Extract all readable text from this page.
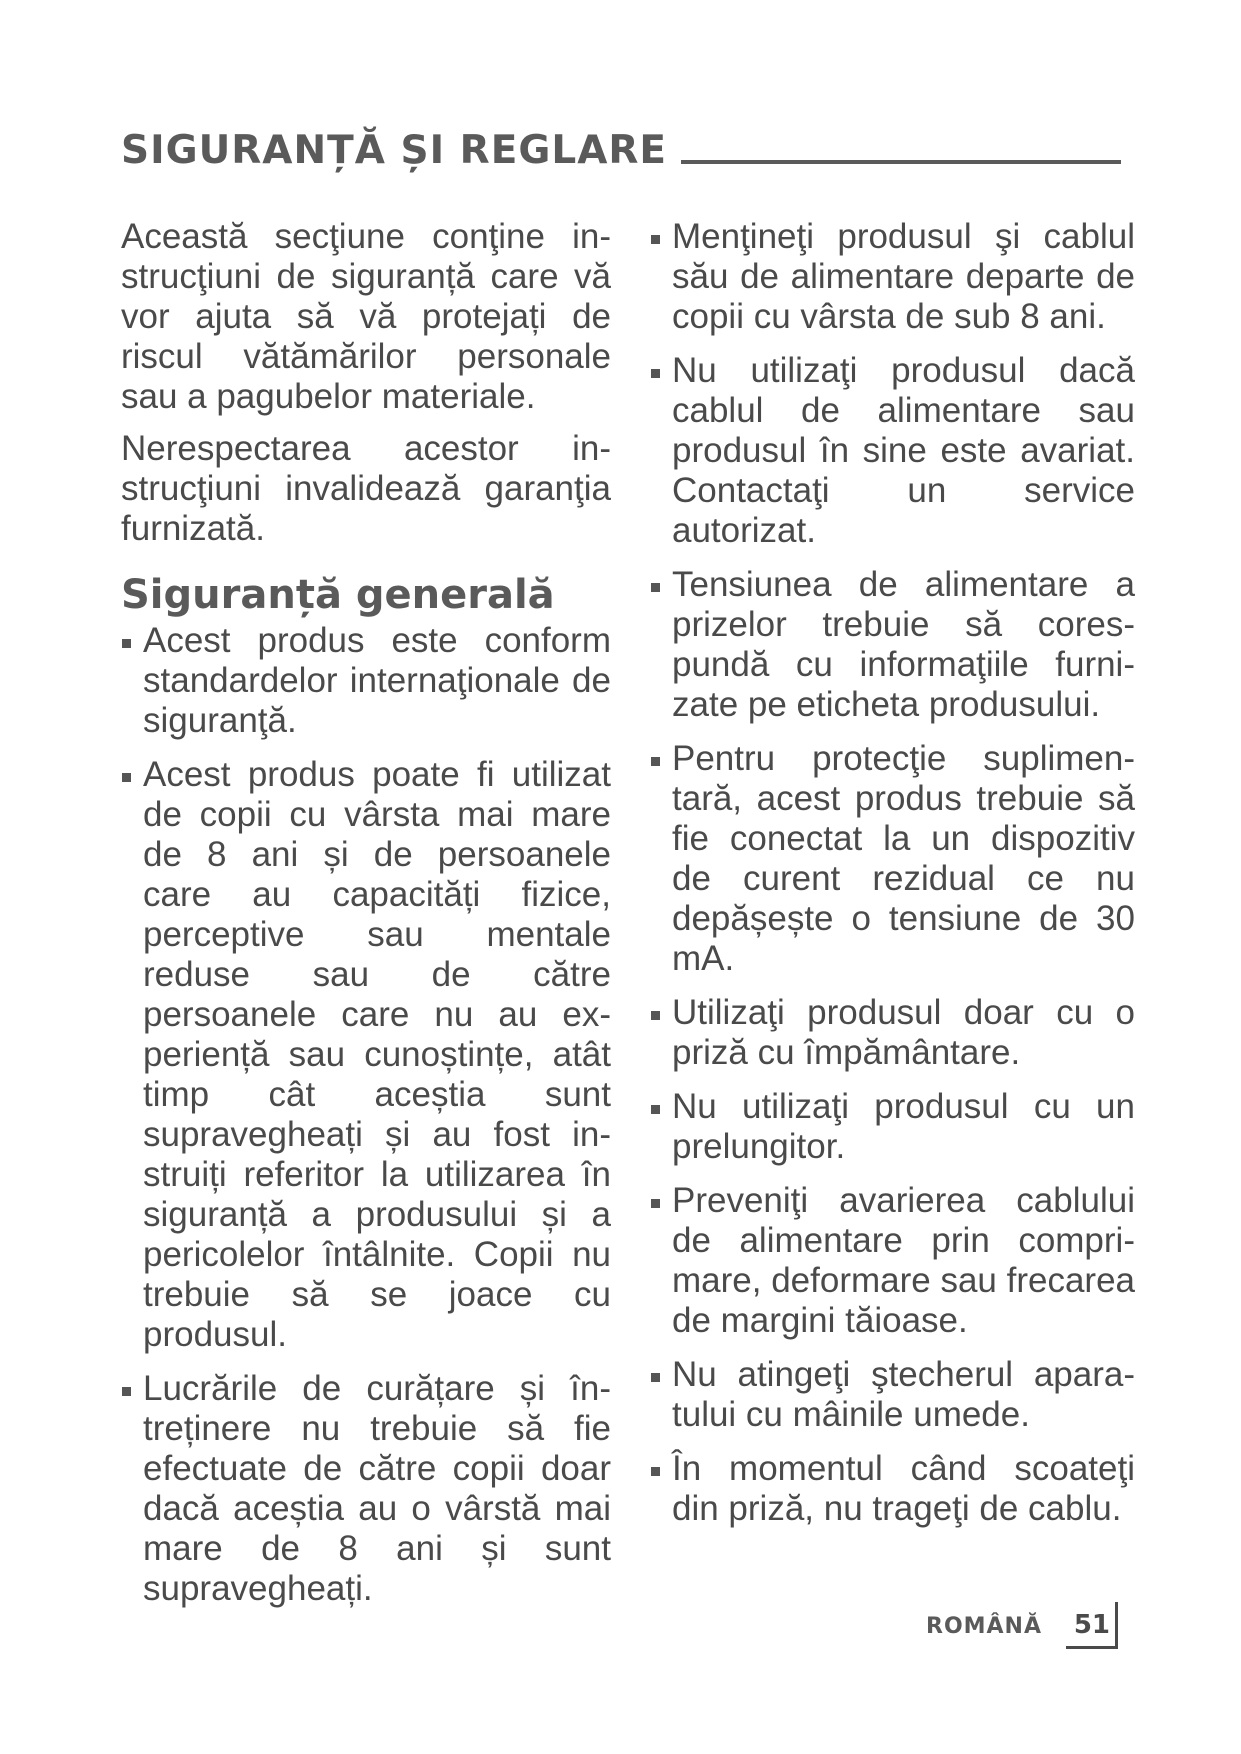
SIGURANȚĂ ȘI REGLARE

Această secţiune conţine instrucţiuni de siguranță care vă vor ajuta să vă protejați de riscul vătămărilor personale sau a pagubelor materiale.

Nerespectarea acestor instrucţiuni invalidează garanţia furnizată.

Siguranță generală
Acest produs este conform standardelor internaţionale de siguranţă.
Acest produs poate fi utilizat de copii cu vârsta mai mare de 8 ani și de persoanele care au capacități fizice, perceptive sau mentale reduse sau de către persoanele care nu au experiență sau cunoștințe, atât timp cât aceștia sunt supravegheați și au fost instruiți referitor la utilizarea în siguranță a produsului și a pericolelor întâlnite. Copii nu trebuie să se joace cu produsul.
Lucrările de curățare și întreținere nu trebuie să fie efectuate de către copii doar dacă aceștia au o vârstă mai mare de 8 ani și sunt supravegheați.
Menţineţi produsul şi cablul său de alimentare departe de copii cu vârsta de sub 8 ani.
Nu utilizaţi produsul dacă cablul de alimentare sau produsul în sine este avariat. Contactaţi un service autorizat.
Tensiunea de alimentare a prizelor trebuie să corespundă cu informaţiile furnizate pe eticheta produsului.
Pentru protecţie suplimentară, acest produs trebuie să fie conectat la un dispozitiv de curent rezidual ce nu depășește o tensiune de 30 mA.
Utilizaţi produsul doar cu o priză cu împământare.
Nu utilizaţi produsul cu un prelungitor.
Preveniţi avarierea cablului de alimentare prin comprimare, deformare sau frecarea de margini tăioase.
Nu atingeţi ştecherul aparatului cu mâinile umede.
În momentul când scoateţi din priză, nu trageţi de cablu.
ROMÂNĂ 51
